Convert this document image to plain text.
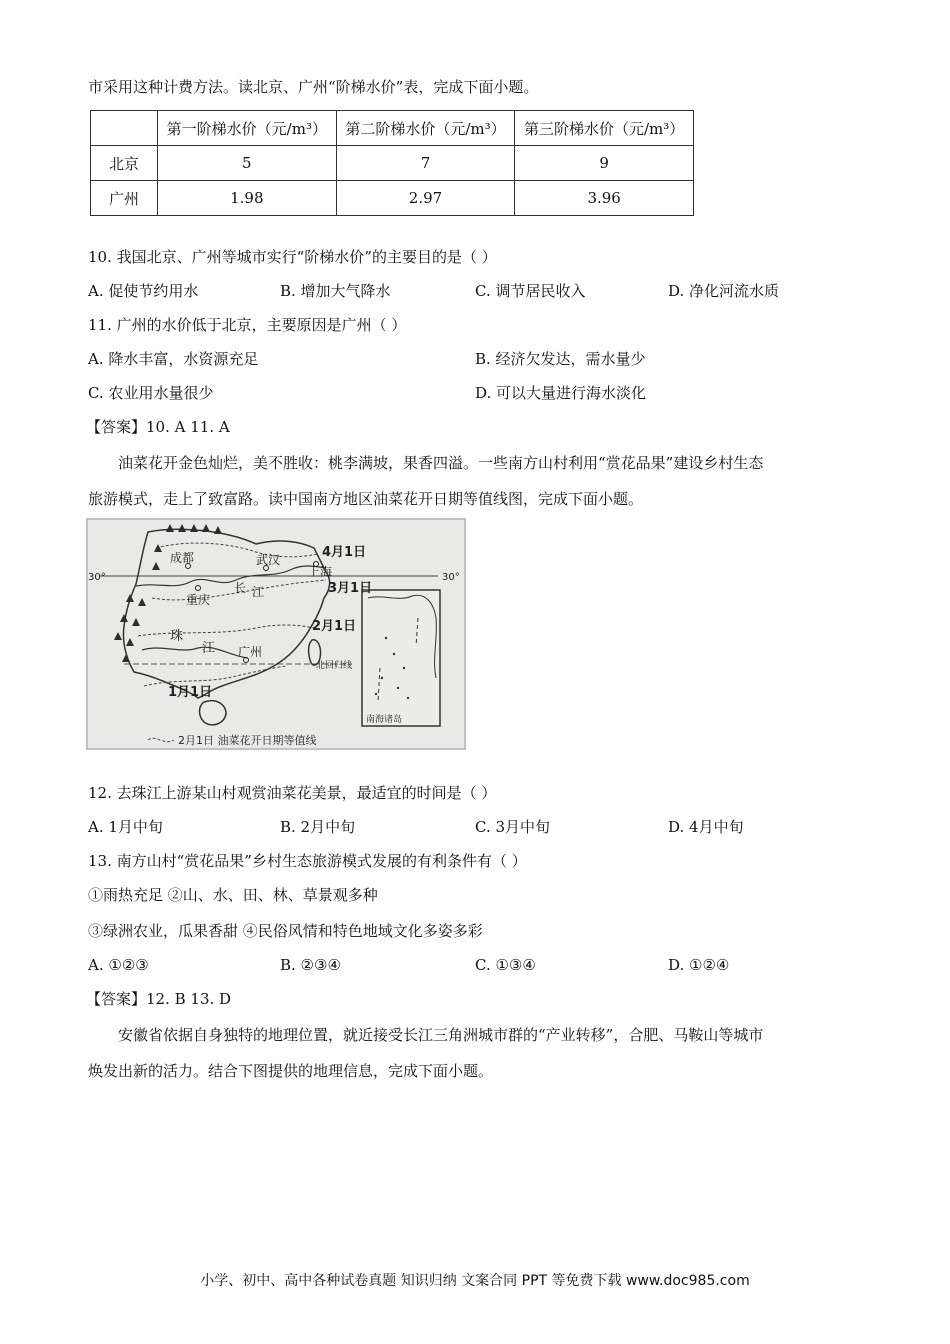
市采用这种计费方法。读北京、广州“阶梯水价”表，完成下面小题。
	第一阶梯水价（元/m³）	第二阶梯水价（元/m³）	第三阶梯水价（元/m³）
北京	5	7	9
广州	1.98	2.97	3.96
10. 我国北京、广州等城市实行“阶梯水价”的主要目的是（ ）
A. 促使节约用水	B. 增加大气降水	C. 调节居民收入	D. 净化河流水质
11. 广州的水价低于北京，主要原因是广州（ ）
A. 降水丰富，水资源充足	B. 经济欠发达，需水量少
C. 农业用水量很少	D. 可以大量进行海水淡化
【答案】10. A 11. A
油菜花开金色灿烂，美不胜收：桃李满坡，果香四溢。一些南方山村利用“赏花品果”建设乡村生态
旅游模式，走上了致富路。读中国南方地区油菜花开日期等值线图，完成下面小题。
30°	30°
成都	武汉
上海
重庆
长 江
珠
江 广州
北回归线
4月1日
3月1日
2月1日
1月1日
南海诸岛
2月1日 油菜花开日期等值线
12. 去珠江上游某山村观赏油菜花美景，最适宜的时间是（ ）
A. 1月中旬	B. 2月中旬	C. 3月中旬	D. 4月中旬
13. 南方山村“赏花品果”乡村生态旅游模式发展的有利条件有（ ）
①雨热充足 ②山、水、田、林、草景观多种
③绿洲农业，瓜果香甜 ④民俗风情和特色地域文化多姿多彩
A. ①②③	B. ②③④	C. ①③④	D. ①②④
【答案】12. B 13. D
安徽省依据自身独特的地理位置，就近接受长江三角洲城市群的“产业转移”，合肥、马鞍山等城市
焕发出新的活力。结合下图提供的地理信息，完成下面小题。
小学、初中、高中各种试卷真题 知识归纳 文案合同 PPT 等免费下载 www.doc985.com
